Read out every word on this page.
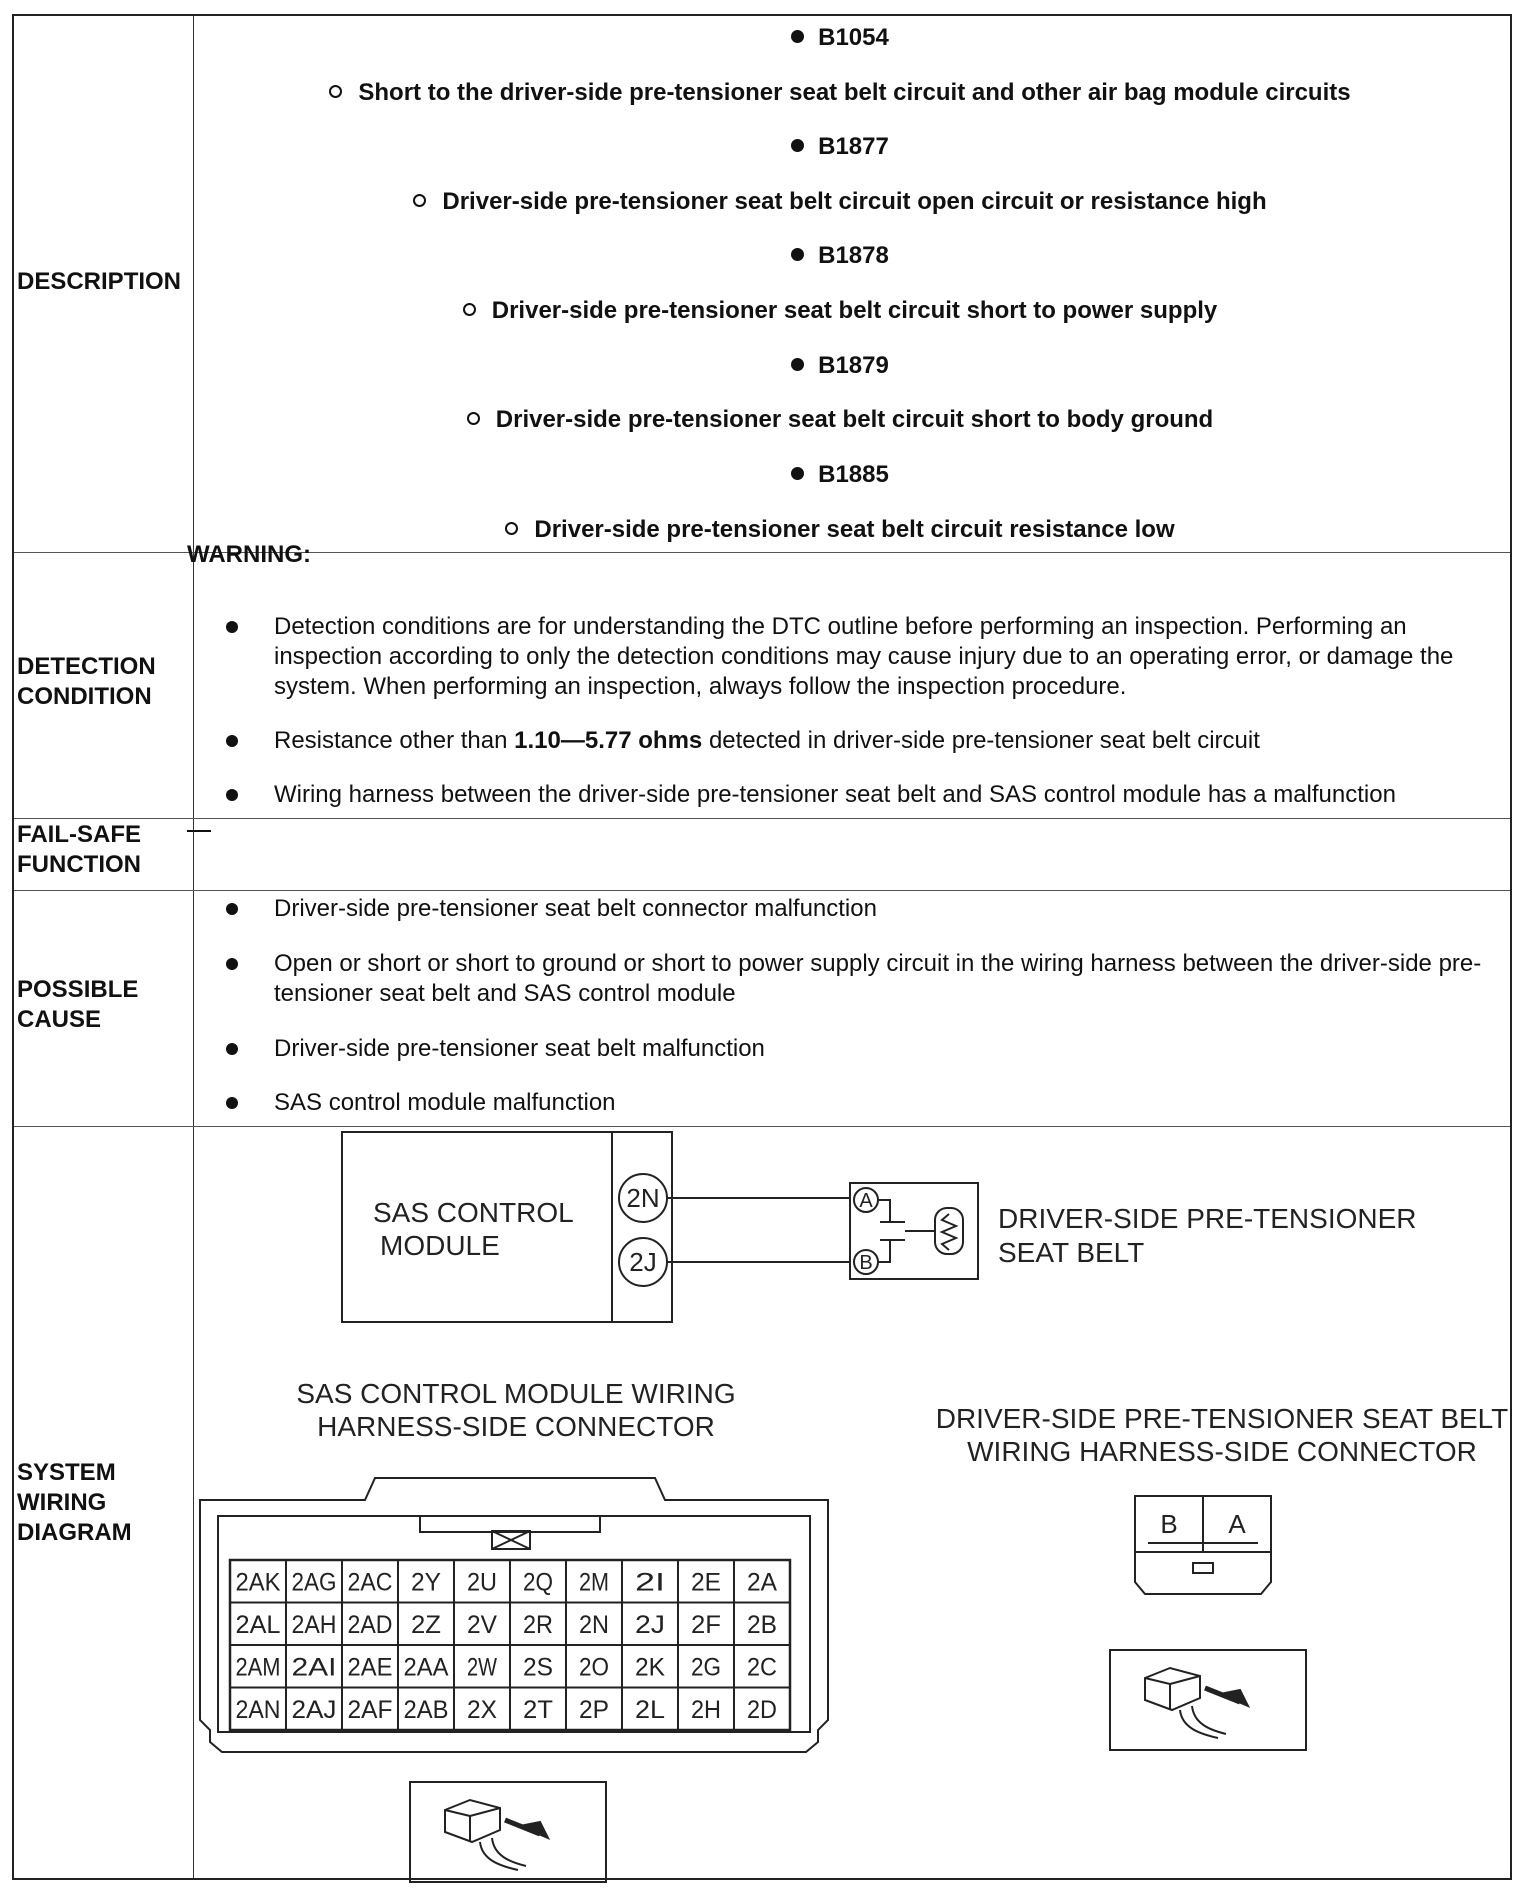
DESCRIPTION
DETECTION CONDITION
FAIL-SAFE FUNCTION
POSSIBLE CAUSE
SYSTEM WIRING DIAGRAM
B1054
Short to the driver-side pre-tensioner seat belt circuit and other air bag module circuits
B1877
Driver-side pre-tensioner seat belt circuit open circuit or resistance high
B1878
Driver-side pre-tensioner seat belt circuit short to power supply
B1879
Driver-side pre-tensioner seat belt circuit short to body ground
B1885
Driver-side pre-tensioner seat belt circuit resistance low
WARNING:
Detection conditions are for understanding the DTC outline before performing an inspection. Performing an inspection according to only the detection conditions may cause injury due to an operating error, or damage the system. When performing an inspection, always follow the inspection procedure.
Resistance other than 1.10—5.77 ohms detected in driver-side pre-tensioner seat belt circuit
Wiring harness between the driver-side pre-tensioner seat belt and SAS control module has a malfunction
Driver-side pre-tensioner seat belt connector malfunction
Open or short or short to ground or short to power supply circuit in the wiring harness between the driver-side pre-tensioner seat belt and SAS control module
Driver-side pre-tensioner seat belt malfunction
SAS control module malfunction
2AK 2AG 2AC 2Y 2U 2Q 2M 2I 2E 2A
2AL 2AH 2AD 2Z 2V 2R 2N 2J 2F 2B
2AM 2AI 2AE 2AA 2W 2S 2O 2K 2G 2C
2AN 2AJ 2AF 2AB 2X 2T 2P 2L 2H 2D
SAS CONTROL
MODULE
DRIVER-SIDE PRE-TENSIONER
SEAT BELT
SAS CONTROL MODULE WIRING
HARNESS-SIDE CONNECTOR	DRIVER-SIDE PRE-TENSIONER SEAT BELT
WIRING HARNESS-SIDE CONNECTOR
2N
2J
A
B
B A
